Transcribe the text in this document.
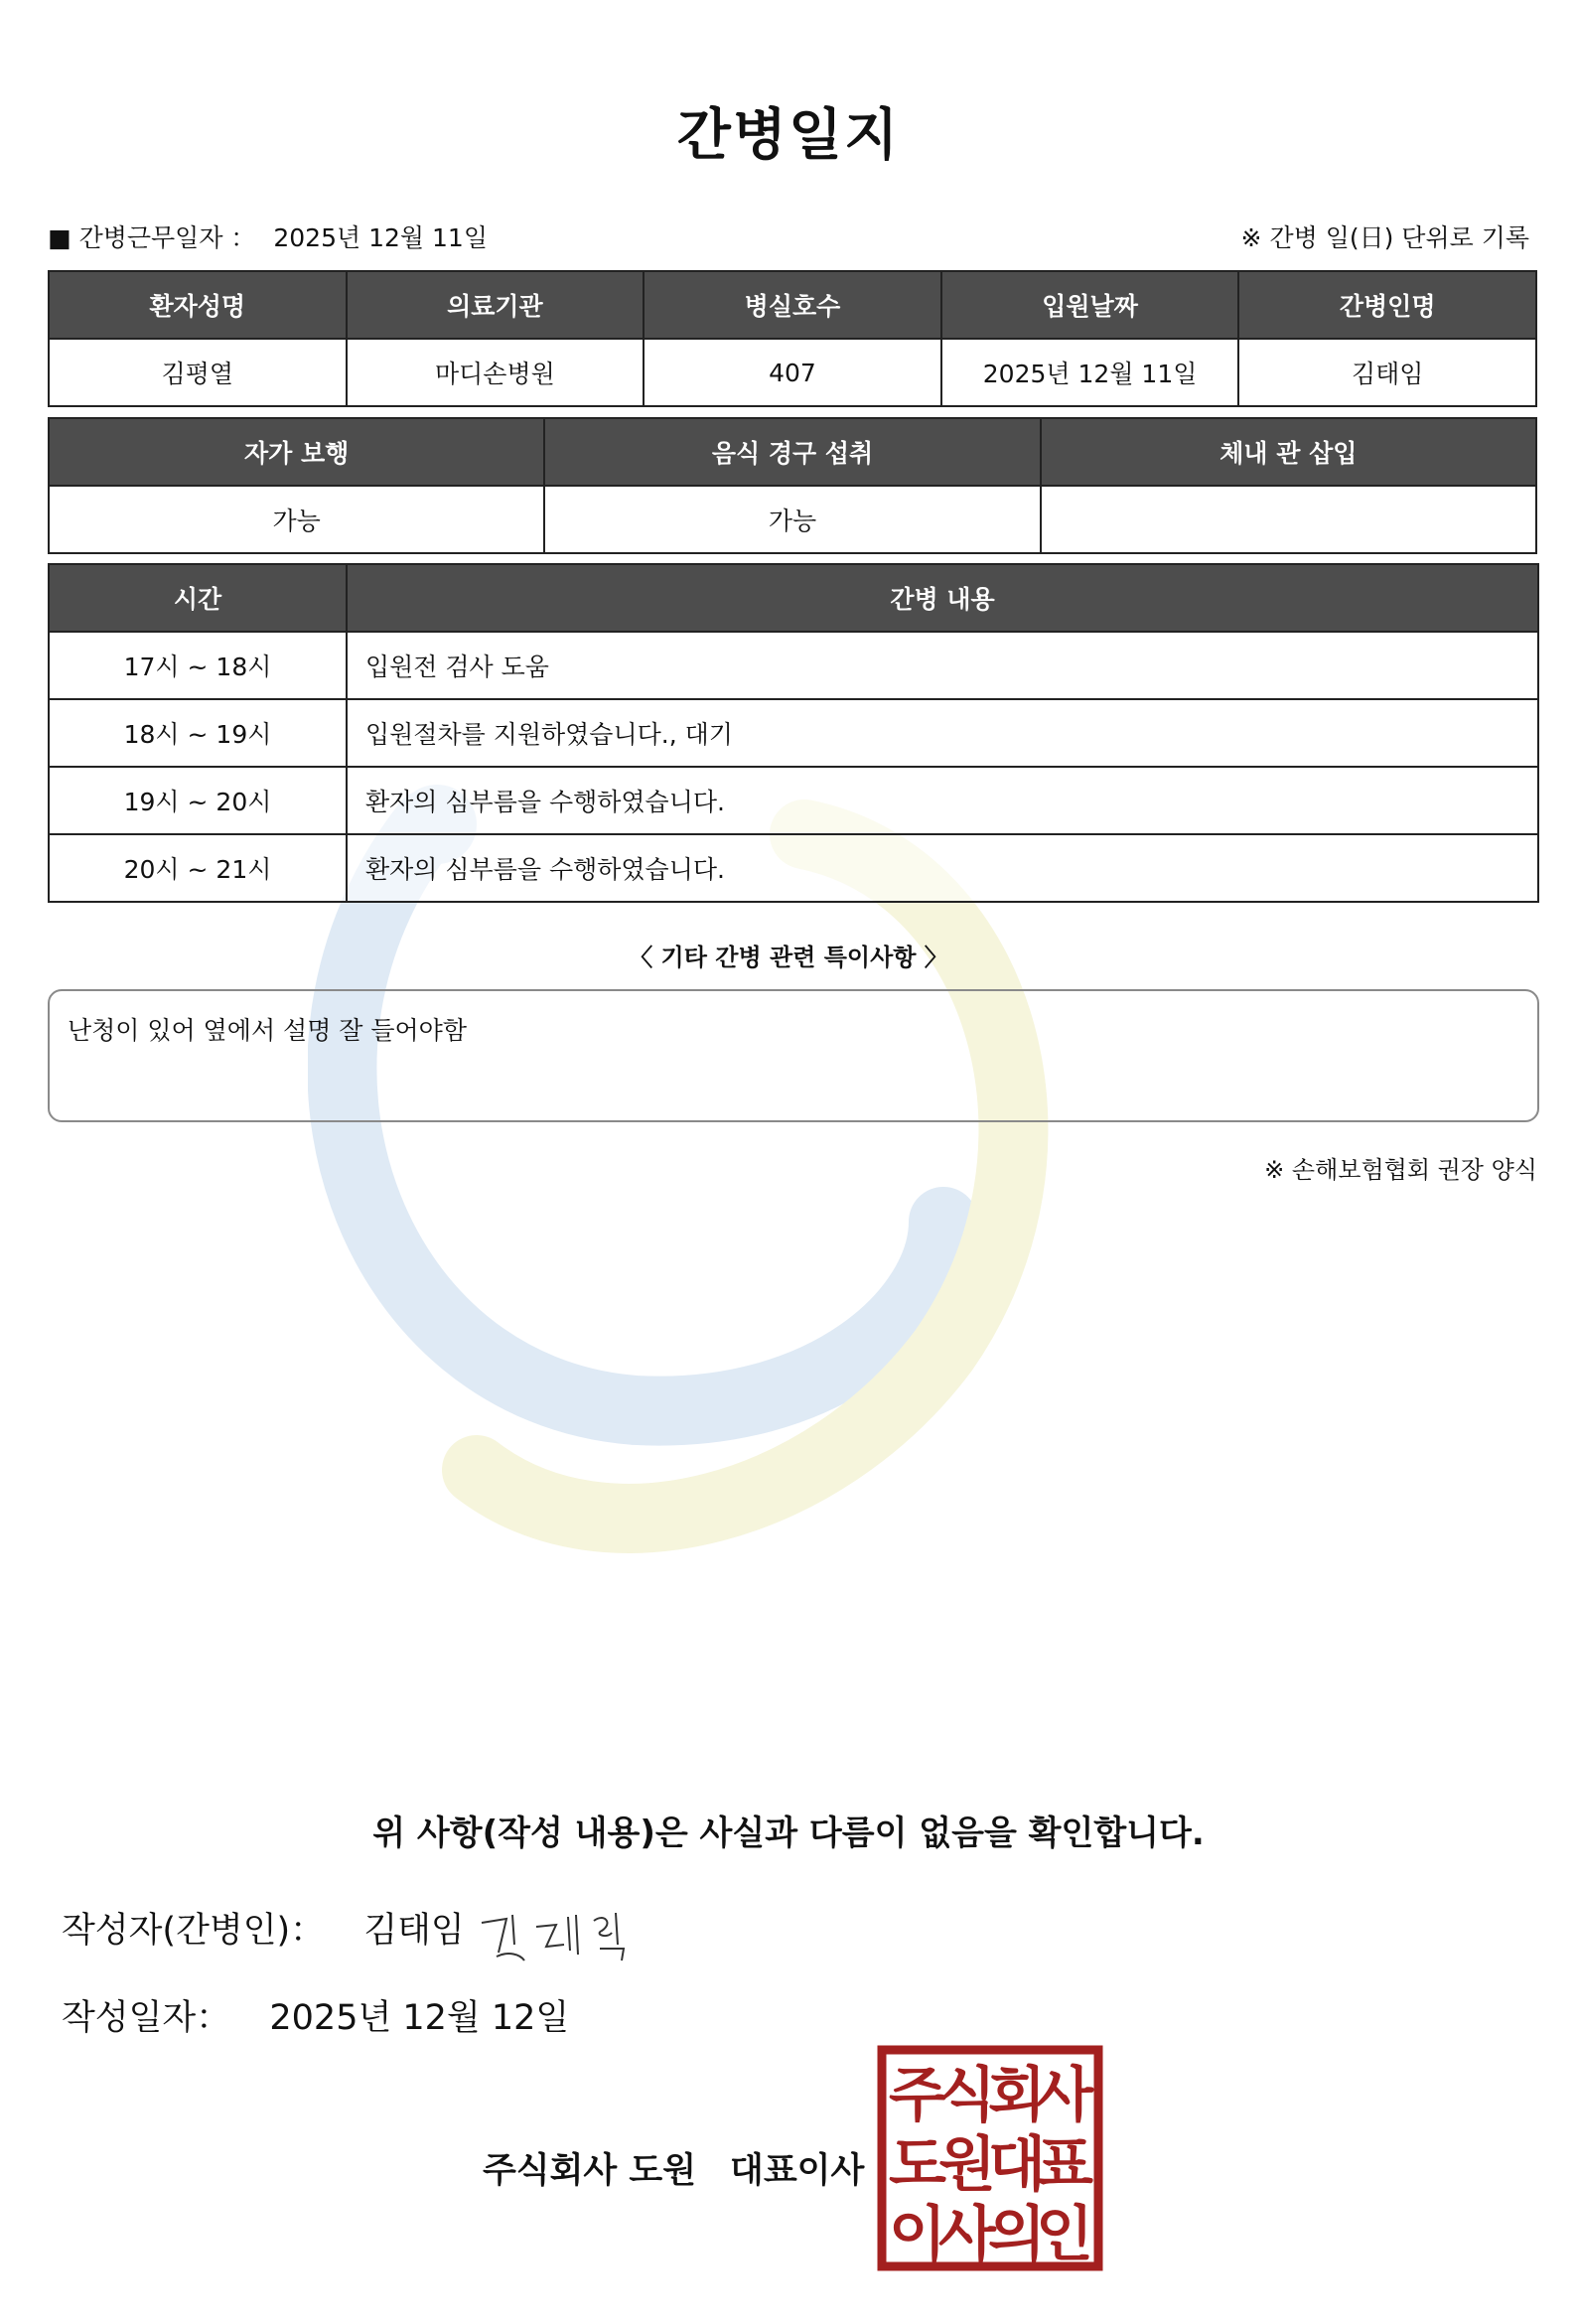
간병일지
■ 간병근무일자 ： 2025년 12월 11일	※ 간병 일(日) 단위로 기록
환자성명	의료기관	병실호수	입원날짜	간병인명
김평열	마디손병원	407	2025년 12월 11일	김태임
자가 보행	음식 경구 섭취	체내 관 삽입
가능	가능	
시간	간병 내용
17시 ~ 18시	입원전 검사 도움
18시 ~ 19시	입원절차를 지원하였습니다., 대기
19시 ~ 20시	환자의 심부름을 수행하였습니다.
20시 ~ 21시	환자의 심부름을 수행하였습니다.
〈 기타 간병 관련 특이사항 〉
난청이 있어 옆에서 설명 잘 들어야함
※ 손해보험협회 권장 양식
위 사항(작성 내용)은 사실과 다름이 없음을 확인합니다.
작성자(간병인)： 김태임
작성일자： 2025년 12월 12일
주식회사 도원 대표이사
주
식
회
사
도
원
대
표
이
사
의
인
